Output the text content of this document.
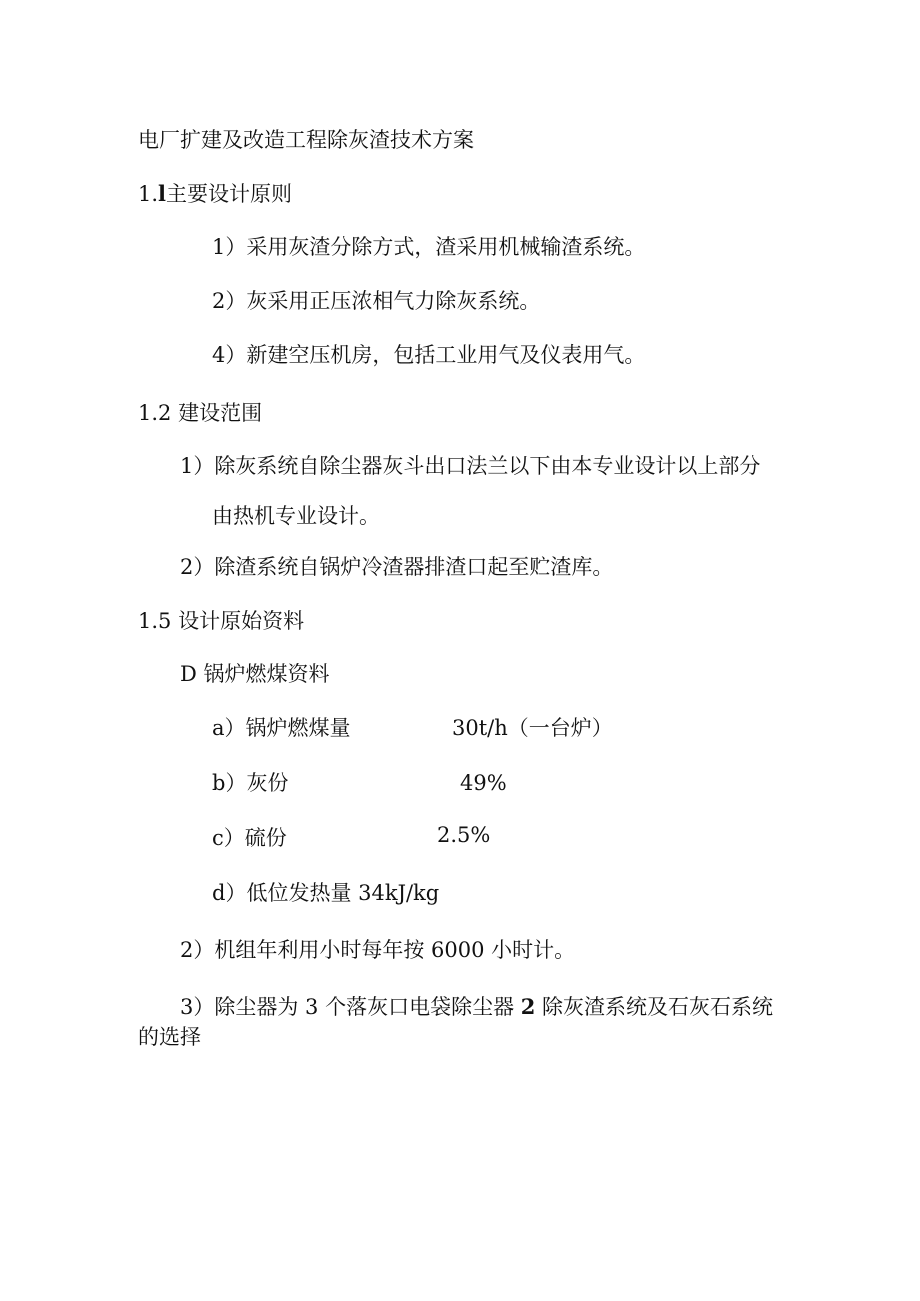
电厂扩建及改造工程除灰渣技术方案
1.l主要设计原则
1）采用灰渣分除方式，渣采用机械输渣系统。
2）灰采用正压浓相气力除灰系统。
4）新建空压机房，包括工业用气及仪表用气。
1.2 建设范围
1）除灰系统自除尘器灰斗出口法兰以下由本专业设计以上部分
由热机专业设计。
2）除渣系统自锅炉冷渣器排渣口起至贮渣库。
1.5 设计原始资料
D 锅炉燃煤资料
a）锅炉燃煤量	30t/h（一台炉）
b）灰份	49%
c）硫份	2.5%
d）低位发热量 34kJ/kg
2）机组年利用小时每年按 6000 小时计。
3）除尘器为 3 个落灰口电袋除尘器 2 除灰渣系统及石灰石系统
的选择
